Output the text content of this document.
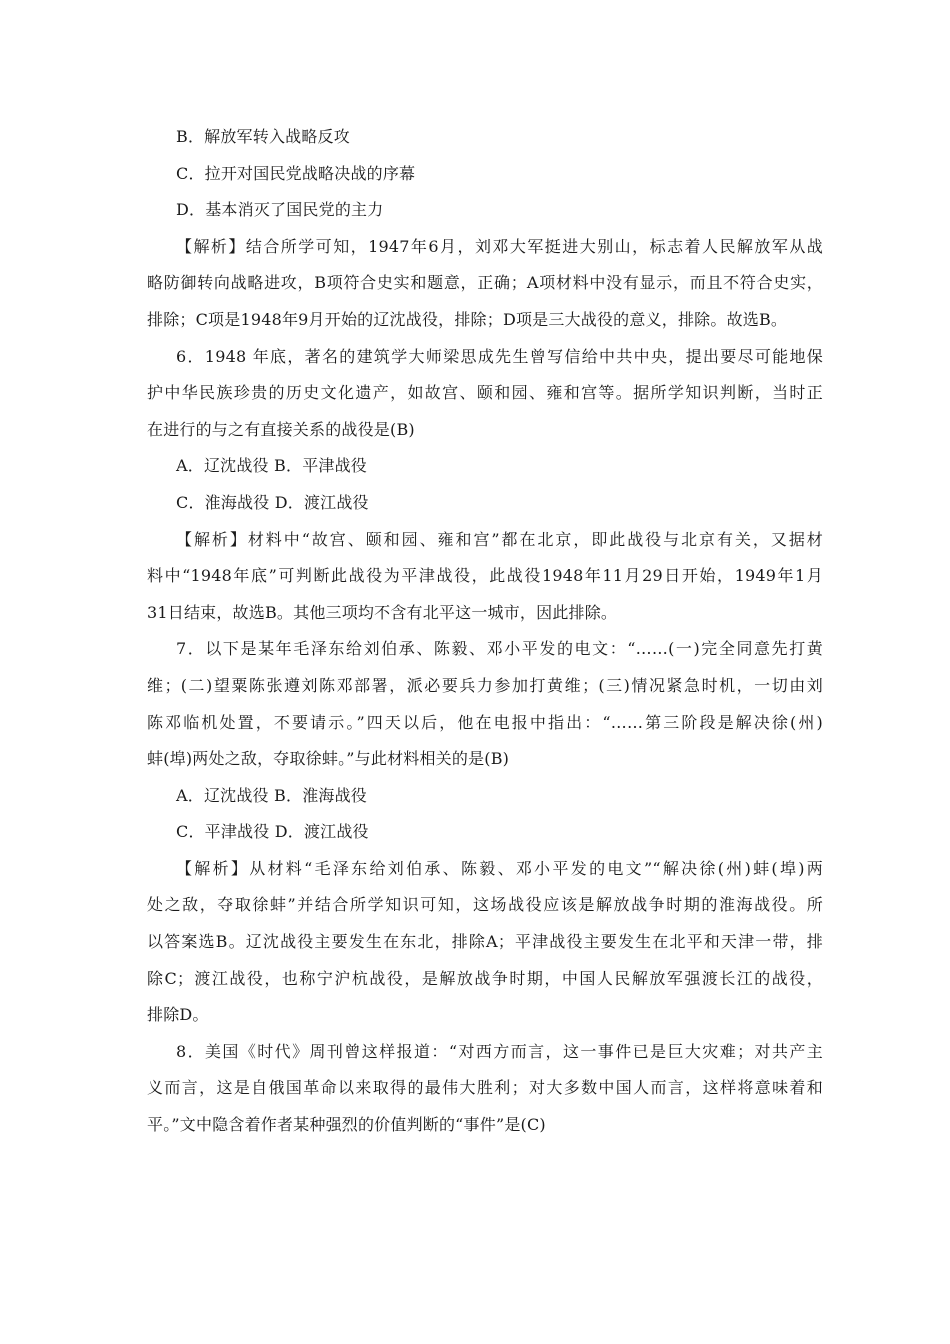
B．解放军转入战略反攻
C．拉开对国民党战略决战的序幕
D．基本消灭了国民党的主力
【解析】结合所学可知，1947年6月，刘邓大军挺进大别山，标志着人民解放军从战
略防御转向战略进攻，B项符合史实和题意，正确；A项材料中没有显示，而且不符合史实，
排除；C项是1948年9月开始的辽沈战役，排除；D项是三大战役的意义，排除。故选B。
6．1948 年底，著名的建筑学大师梁思成先生曾写信给中共中央，提出要尽可能地保
护中华民族珍贵的历史文化遗产，如故宫、颐和园、雍和宫等。据所学知识判断，当时正
在进行的与之有直接关系的战役是(B)
A．辽沈战役 B．平津战役
C．淮海战役 D．渡江战役
【解析】材料中“故宫、颐和园、雍和宫”都在北京，即此战役与北京有关，又据材
料中“1948年底”可判断此战役为平津战役，此战役1948年11月29日开始，1949年1月
31日结束，故选B。其他三项均不含有北平这一城市，因此排除。
7．以下是某年毛泽东给刘伯承、陈毅、邓小平发的电文：“……(一)完全同意先打黄
维；(二)望粟陈张遵刘陈邓部署，派必要兵力参加打黄维；(三)情况紧急时机，一切由刘
陈邓临机处置，不要请示。”四天以后，他在电报中指出：“……第三阶段是解决徐(州)
蚌(埠)两处之敌，夺取徐蚌。”与此材料相关的是(B)
A．辽沈战役 B．淮海战役
C．平津战役 D．渡江战役
【解析】从材料“毛泽东给刘伯承、陈毅、邓小平发的电文”“解决徐(州)蚌(埠)两
处之敌，夺取徐蚌”并结合所学知识可知，这场战役应该是解放战争时期的淮海战役。所
以答案选B。辽沈战役主要发生在东北，排除A；平津战役主要发生在北平和天津一带，排
除C；渡江战役，也称宁沪杭战役，是解放战争时期，中国人民解放军强渡长江的战役，
排除D。
8．美国《时代》周刊曾这样报道：“对西方而言，这一事件已是巨大灾难；对共产主
义而言，这是自俄国革命以来取得的最伟大胜利；对大多数中国人而言，这样将意味着和
平。”文中隐含着作者某种强烈的价值判断的“事件”是(C)
